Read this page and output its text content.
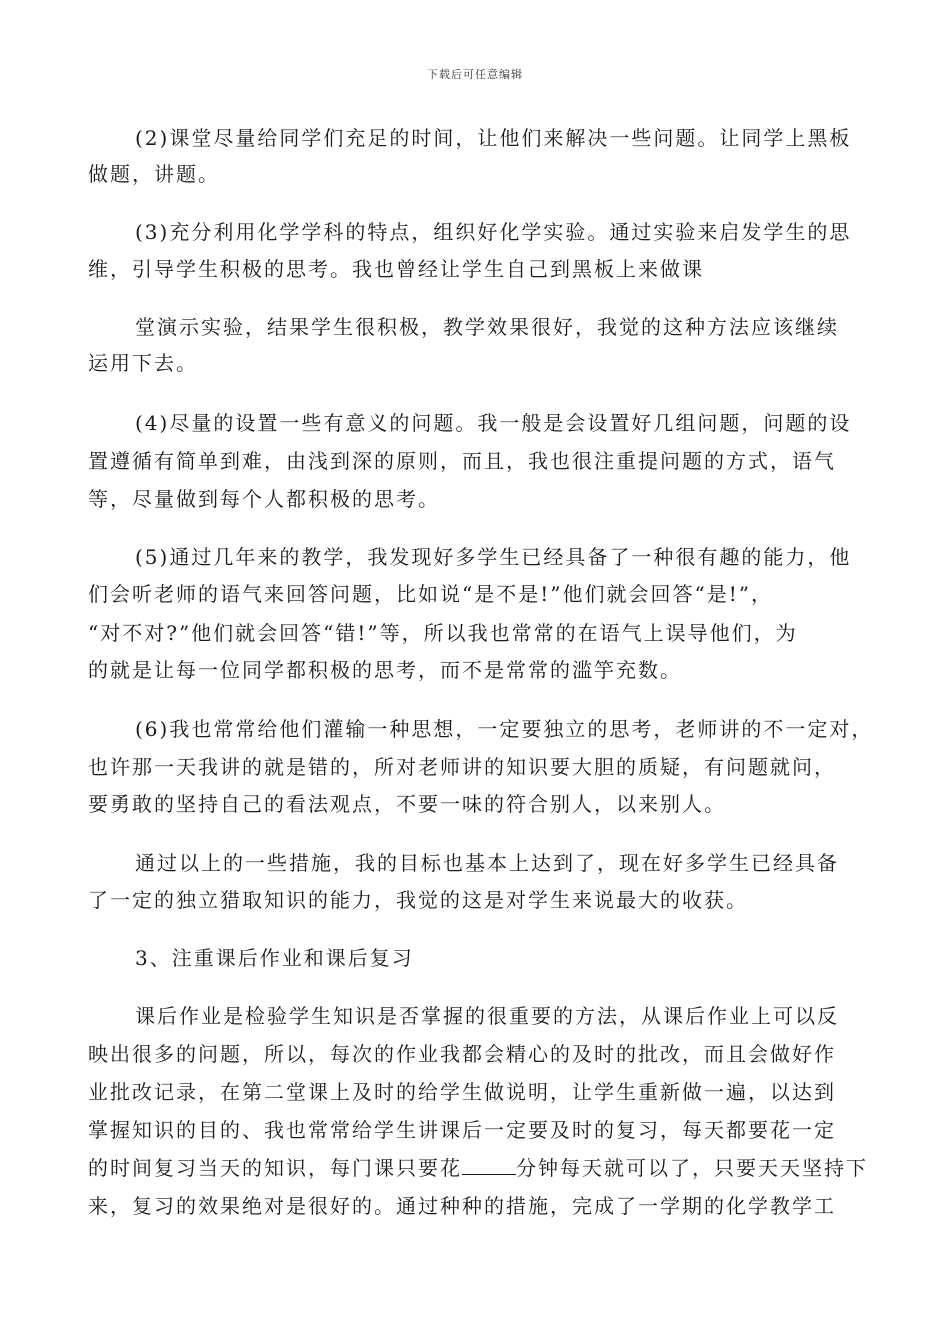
下载后可任意编辑
(2)课堂尽量给同学们充足的时间，让他们来解决一些问题。让同学上黑板
做题，讲题。
(3)充分利用化学学科的特点，组织好化学实验。通过实验来启发学生的思
维，引导学生积极的思考。我也曾经让学生自己到黑板上来做课
堂演示实验，结果学生很积极，教学效果很好，我觉的这种方法应该继续
运用下去。
(4)尽量的设置一些有意义的问题。我一般是会设置好几组问题，问题的设
置遵循有简单到难，由浅到深的原则，而且，我也很注重提问题的方式，语气
等，尽量做到每个人都积极的思考。
(5)通过几年来的教学，我发现好多学生已经具备了一种很有趣的能力，他
们会听老师的语气来回答问题，比如说“是不是!”他们就会回答“是!”，
“对不对?”他们就会回答“错!”等，所以我也常常的在语气上误导他们，为
的就是让每一位同学都积极的思考，而不是常常的滥竽充数。
(6)我也常常给他们灌输一种思想，一定要独立的思考，老师讲的不一定对，
也许那一天我讲的就是错的，所对老师讲的知识要大胆的质疑，有问题就问，
要勇敢的坚持自己的看法观点，不要一味的符合别人，以来别人。
通过以上的一些措施，我的目标也基本上达到了，现在好多学生已经具备
了一定的独立猎取知识的能力，我觉的这是对学生来说最大的收获。
3、注重课后作业和课后复习
课后作业是检验学生知识是否掌握的很重要的方法，从课后作业上可以反
映出很多的问题，所以，每次的作业我都会精心的及时的批改，而且会做好作
业批改记录，在第二堂课上及时的给学生做说明，让学生重新做一遍，以达到
掌握知识的目的、我也常常给学生讲课后一定要及时的复习，每天都要花一定
的时间复习当天的知识，每门课只要花	分钟每天就可以了，只要天天坚持下
来，复习的效果绝对是很好的。通过种种的措施，完成了一学期的化学教学工
